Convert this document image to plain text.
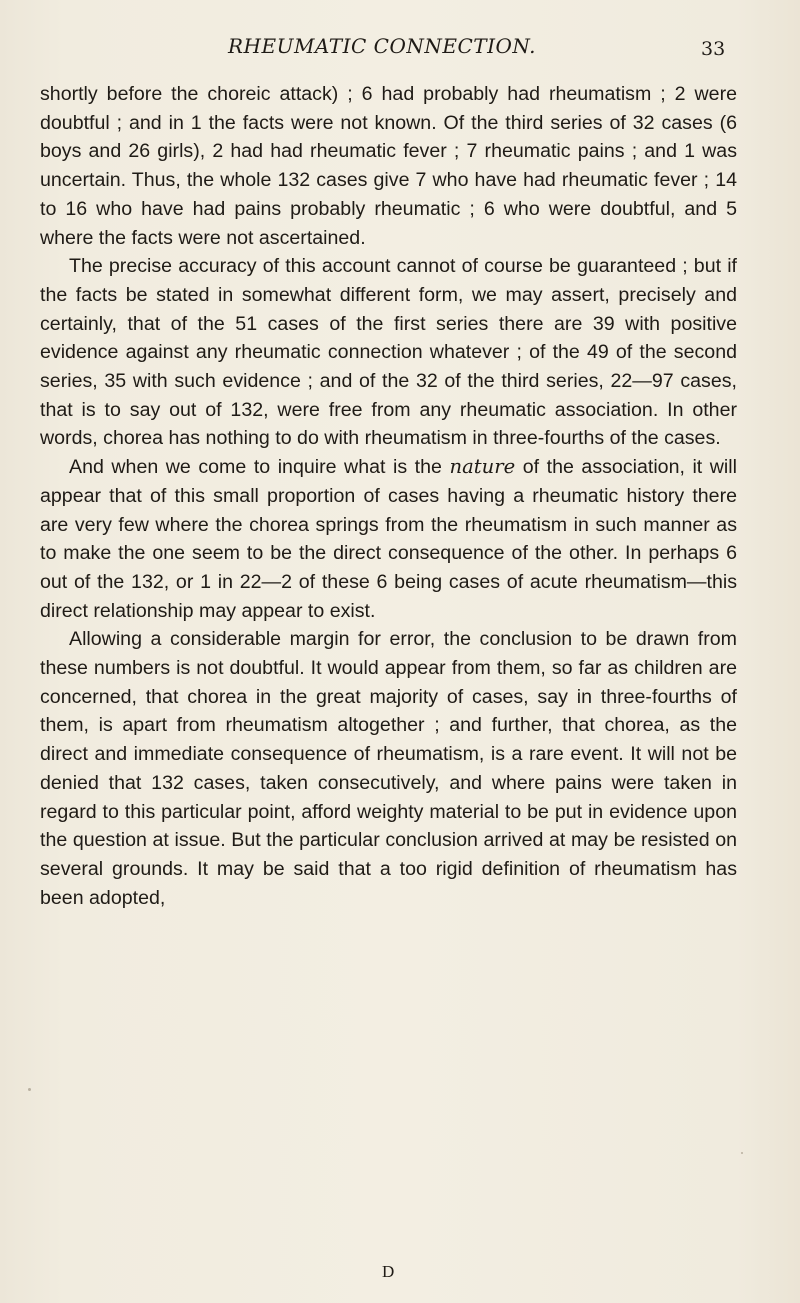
RHEUMATIC CONNECTION.	33

shortly before the choreic attack) ; 6 had probably had rheumatism ; 2 were doubtful ; and in 1 the facts were not known. Of the third series of 32 cases (6 boys and 26 girls), 2 had had rheumatic fever ; 7 rheumatic pains ; and 1 was uncertain. Thus, the whole 132 cases give 7 who have had rheumatic fever ; 14 to 16 who have had pains probably rheumatic ; 6 who were doubtful, and 5 where the facts were not ascertained.

The precise accuracy of this account cannot of course be guaranteed ; but if the facts be stated in somewhat different form, we may assert, precisely and certainly, that of the 51 cases of the first series there are 39 with positive evidence against any rheumatic connection whatever ; of the 49 of the second series, 35 with such evidence ; and of the 32 of the third series, 22—97 cases, that is to say out of 132, were free from any rheumatic association. In other words, chorea has nothing to do with rheumatism in three-fourths of the cases.

And when we come to inquire what is the nature of the association, it will appear that of this small proportion of cases having a rheumatic history there are very few where the chorea springs from the rheumatism in such manner as to make the one seem to be the direct consequence of the other. In perhaps 6 out of the 132, or 1 in 22—2 of these 6 being cases of acute rheumatism—this direct relationship may appear to exist.

Allowing a considerable margin for error, the conclusion to be drawn from these numbers is not doubtful. It would appear from them, so far as children are concerned, that chorea in the great majority of cases, say in three-fourths of them, is apart from rheumatism altogether ; and further, that chorea, as the direct and immediate consequence of rheumatism, is a rare event. It will not be denied that 132 cases, taken consecutively, and where pains were taken in regard to this particular point, afford weighty material to be put in evidence upon the question at issue. But the particular conclusion arrived at may be resisted on several grounds. It may be said that a too rigid definition of rheumatism has been adopted,

D
